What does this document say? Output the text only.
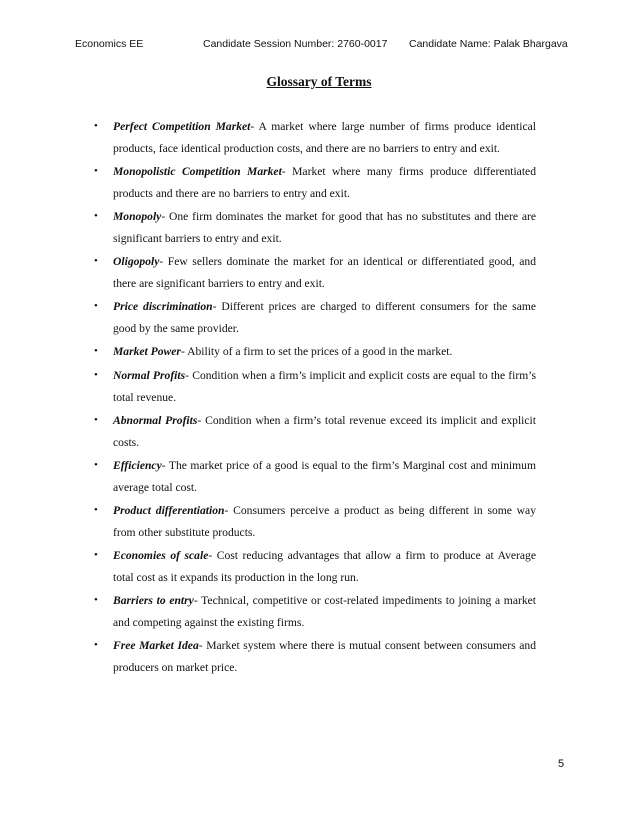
Economics EE	Candidate Session Number: 2760-0017 Candidate Name: Palak Bhargava
Glossary of Terms
• Perfect Competition Market- A market where large number of firms produce identical products, face identical production costs, and there are no barriers to entry and exit.
• Monopolistic Competition Market- Market where many firms produce differentiated products and there are no barriers to entry and exit.
• Monopoly- One firm dominates the market for good that has no substitutes and there are significant barriers to entry and exit.
• Oligopoly- Few sellers dominate the market for an identical or differentiated good, and there are significant barriers to entry and exit.
• Price discrimination- Different prices are charged to different consumers for the same good by the same provider.
• Market Power- Ability of a firm to set the prices of a good in the market.
• Normal Profits- Condition when a firm’s implicit and explicit costs are equal to the firm’s total revenue.
• Abnormal Profits- Condition when a firm’s total revenue exceed its implicit and explicit costs.
• Efficiency- The market price of a good is equal to the firm’s Marginal cost and minimum average total cost.
• Product differentiation- Consumers perceive a product as being different in some way from other substitute products.
• Economies of scale- Cost reducing advantages that allow a firm to produce at Average total cost as it expands its production in the long run.
• Barriers to entry- Technical, competitive or cost-related impediments to joining a market and competing against the existing firms.
• Free Market Idea- Market system where there is mutual consent between consumers and producers on market price.
5
